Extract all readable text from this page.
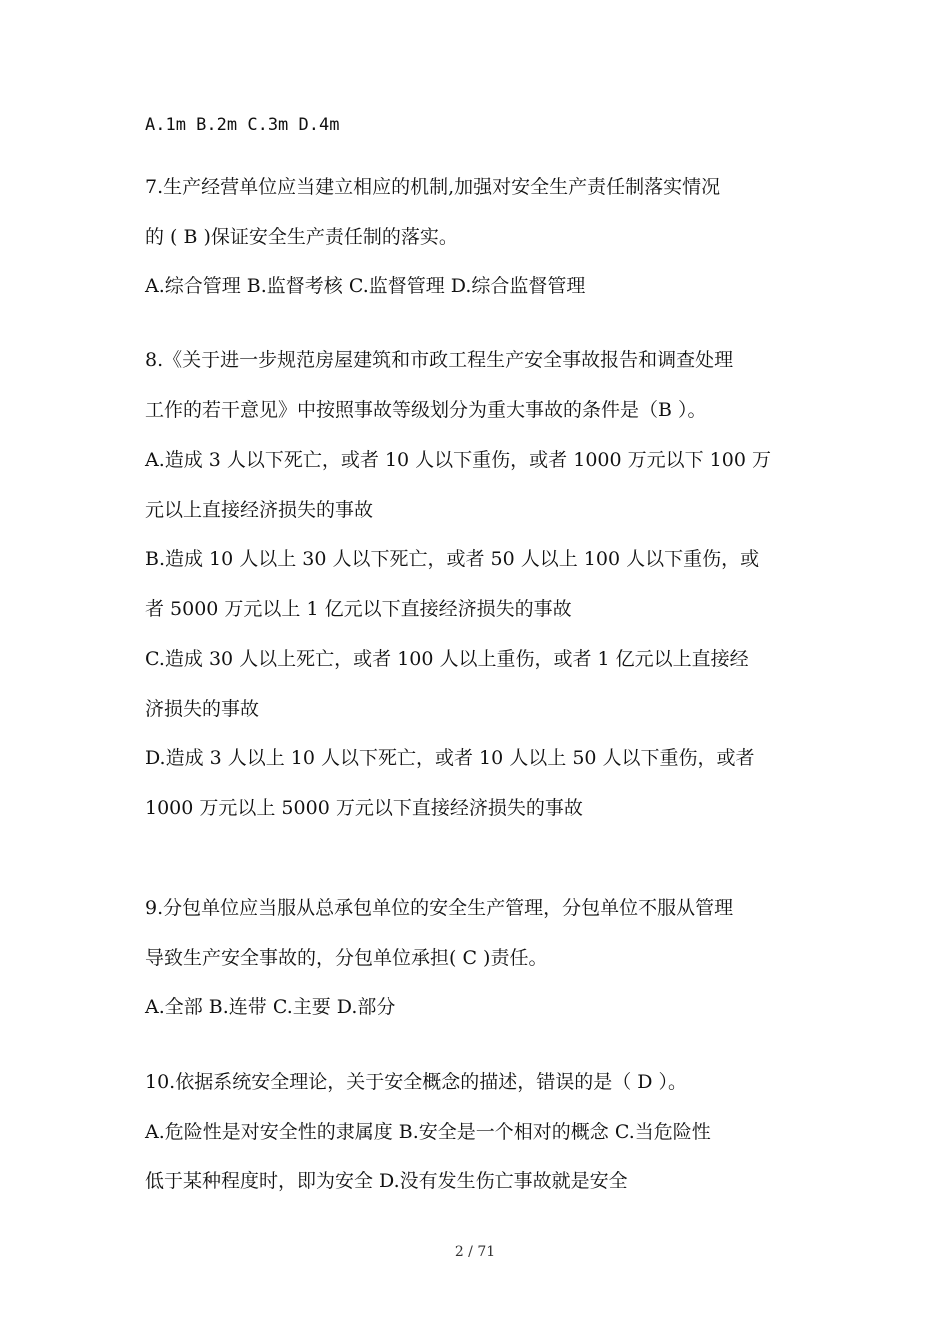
A.1m B.2m C.3m D.4m
7.生产经营单位应当建立相应的机制,加强对安全生产责任制落实情况
的 ( B )保证安全生产责任制的落实。
A.综合管理 B.监督考核 C.监督管理 D.综合监督管理
8.《关于进一步规范房屋建筑和市政工程生产安全事故报告和调查处理
工作的若干意见》中按照事故等级划分为重大事故的条件是（B ）。
A.造成 3 人以下死亡，或者 10 人以下重伤，或者 1000 万元以下 100 万
元以上直接经济损失的事故
B.造成 10 人以上 30 人以下死亡，或者 50 人以上 100 人以下重伤，或
者 5000 万元以上 1 亿元以下直接经济损失的事故
C.造成 30 人以上死亡，或者 100 人以上重伤，或者 1 亿元以上直接经
济损失的事故
D.造成 3 人以上 10 人以下死亡，或者 10 人以上 50 人以下重伤，或者
1000 万元以上 5000 万元以下直接经济损失的事故
9.分包单位应当服从总承包单位的安全生产管理，分包单位不服从管理
导致生产安全事故的，分包单位承担( C )责任。
A.全部 B.连带 C.主要 D.部分
10.依据系统安全理论，关于安全概念的描述，错误的是（ D ）。
A.危险性是对安全性的隶属度 B.安全是一个相对的概念 C.当危险性
低于某种程度时，即为安全 D.没有发生伤亡事故就是安全
2 / 71
